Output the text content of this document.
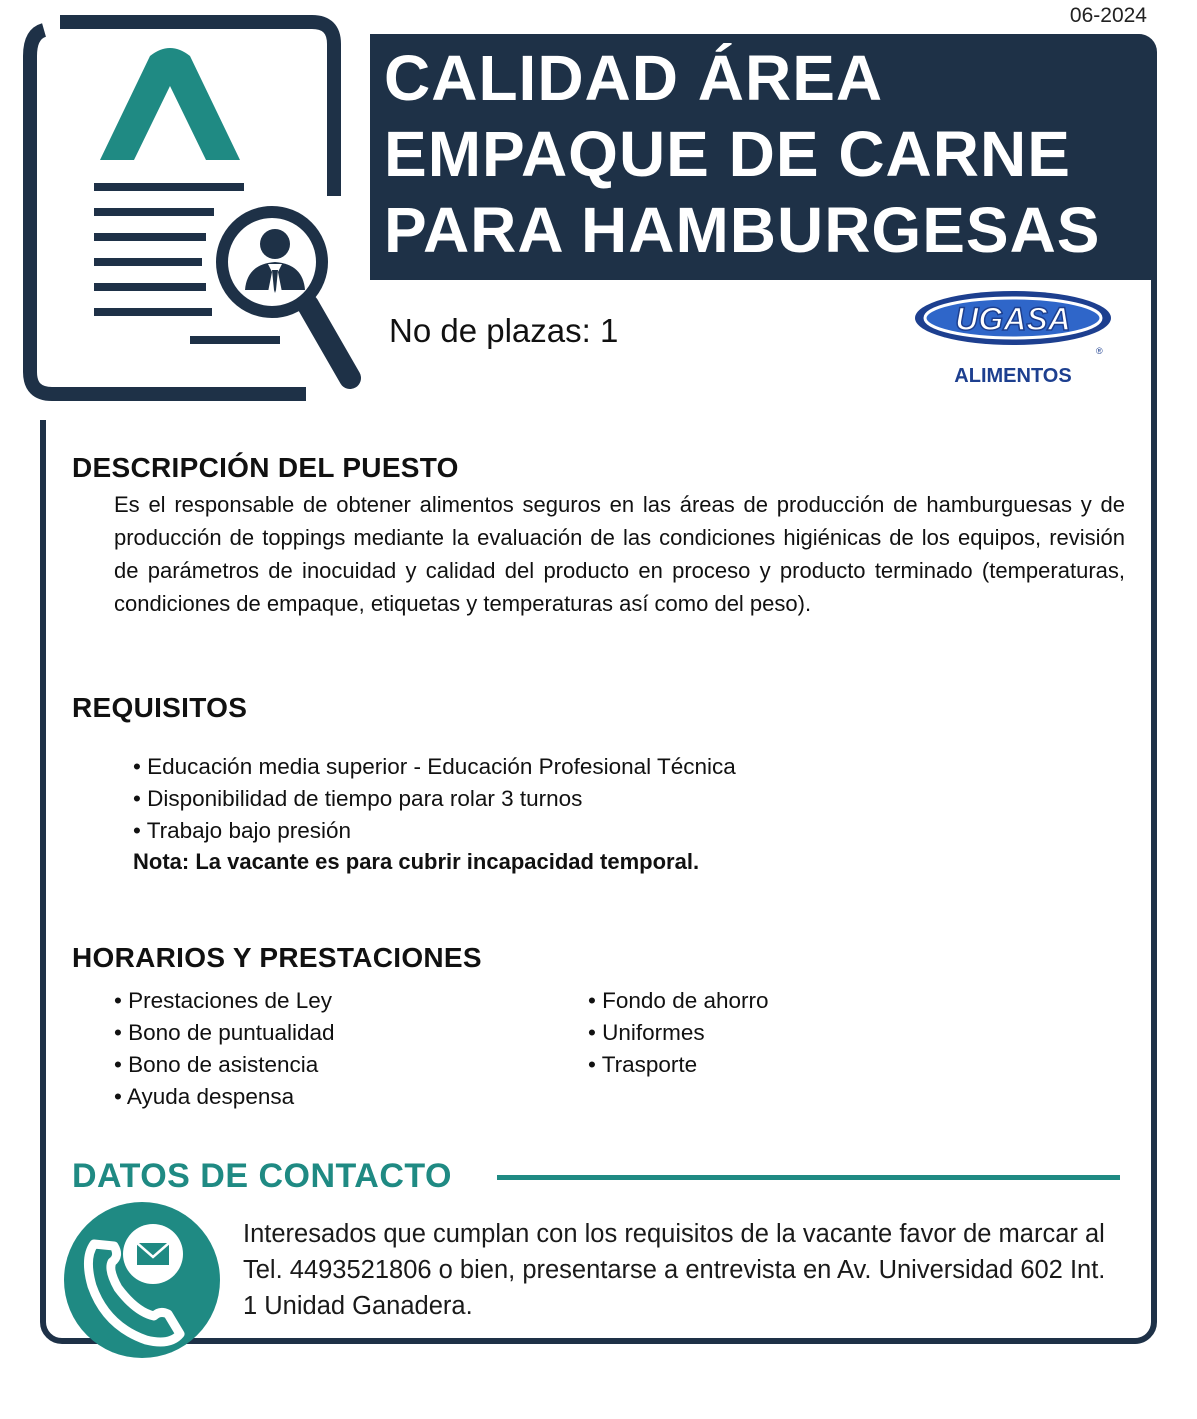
06-2024
CALIDAD ÁREA
EMPAQUE DE CARNE
PARA HAMBURGESAS
No de plazas: 1	UGASA
®
ALIMENTOS
DESCRIPCIÓN DEL PUESTO
Es el responsable de obtener alimentos seguros en las áreas de producción de hamburguesas y de producción de toppings mediante la evaluación de las condiciones higiénicas de los equipos, revisión de parámetros de inocuidad y calidad del producto en proceso y producto terminado (temperaturas, condiciones de empaque, etiquetas y temperaturas así como del peso).
REQUISITOS
• Educación media superior - Educación Profesional Técnica
• Disponibilidad de tiempo para rolar 3 turnos
• Trabajo bajo presión
Nota: La vacante es para cubrir incapacidad temporal.
HORARIOS Y PRESTACIONES
• Prestaciones de Ley
• Bono de puntualidad
• Bono de asistencia
• Ayuda despensa
• Fondo de ahorro
• Uniformes
• Trasporte
DATOS DE CONTACTO
Interesados que cumplan con los requisitos de la vacante favor de marcar al Tel. 4493521806 o bien, presentarse a entrevista en Av. Universidad 602 Int. 1 Unidad Ganadera.
